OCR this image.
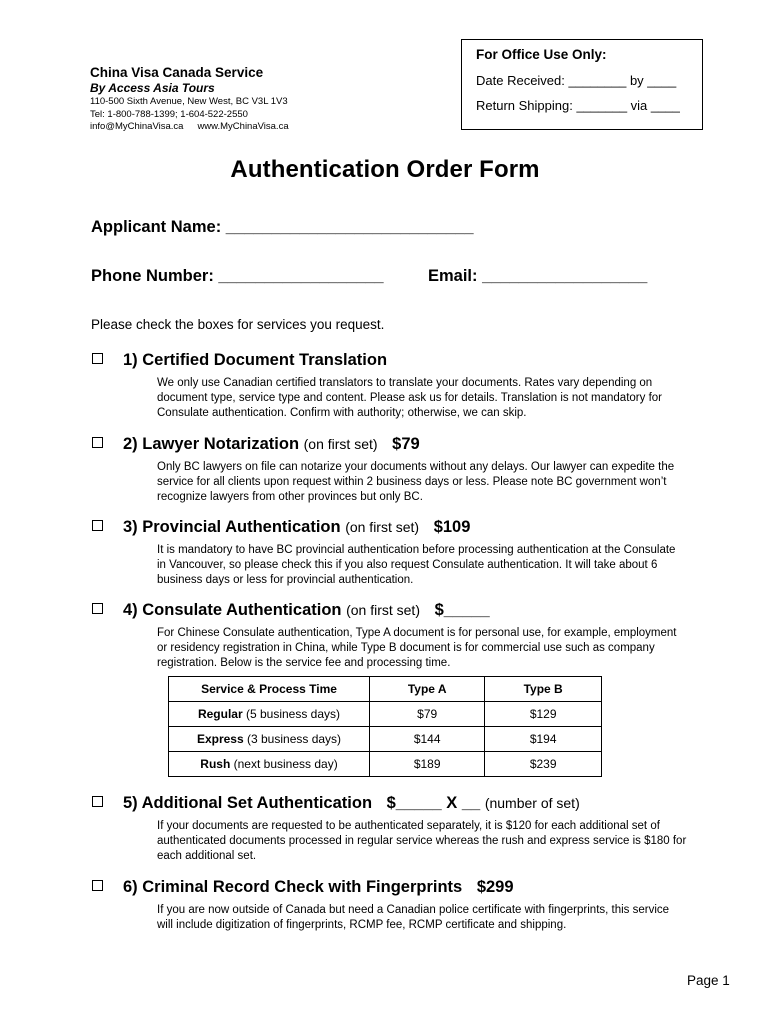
China Visa Canada Service
By Access Asia Tours
110-500 Sixth Avenue, New West, BC V3L 1V3
Tel: 1-800-788-1399; 1-604-522-2550
info@MyChinaVisa.ca www.MyChinaVisa.ca
For Office Use Only:
Date Received: ________ by ____
Return Shipping: _______ via ____
Authentication Order Form
Applicant Name: ___________________________
Phone Number: __________________	Email: __________________
Please check the boxes for services you request.
1) Certified Document Translation
We only use Canadian certified translators to translate your documents. Rates vary depending on document type, service type and content. Please ask us for details. Translation is not mandatory for Consulate authentication. Confirm with authority; otherwise, we can skip.
2) Lawyer Notarization (on first set) $79
Only BC lawyers on file can notarize your documents without any delays. Our lawyer can expedite the service for all clients upon request within 2 business days or less. Please note BC government won’t recognize lawyers from other provinces but only BC.
3) Provincial Authentication (on first set) $109
It is mandatory to have BC provincial authentication before processing authentication at the Consulate in Vancouver, so please check this if you also request Consulate authentication. It will take about 6 business days or less for provincial authentication.
4) Consulate Authentication (on first set) $_____
For Chinese Consulate authentication, Type A document is for personal use, for example, employment or residency registration in China, while Type B document is for commercial use such as company registration. Below is the service fee and processing time.
Service & Process Time	Type A	Type B
Regular (5 business days)	$79	$129
Express (3 business days)	$144	$194
Rush (next business day)	$189	$239
5) Additional Set Authentication $_____ X __ (number of set)
If your documents are requested to be authenticated separately, it is $120 for each additional set of authenticated documents processed in regular service whereas the rush and express service is $180 for each additional set.
6) Criminal Record Check with Fingerprints $299
If you are now outside of Canada but need a Canadian police certificate with fingerprints, this service will include digitization of fingerprints, RCMP fee, RCMP certificate and shipping.
Page 1
